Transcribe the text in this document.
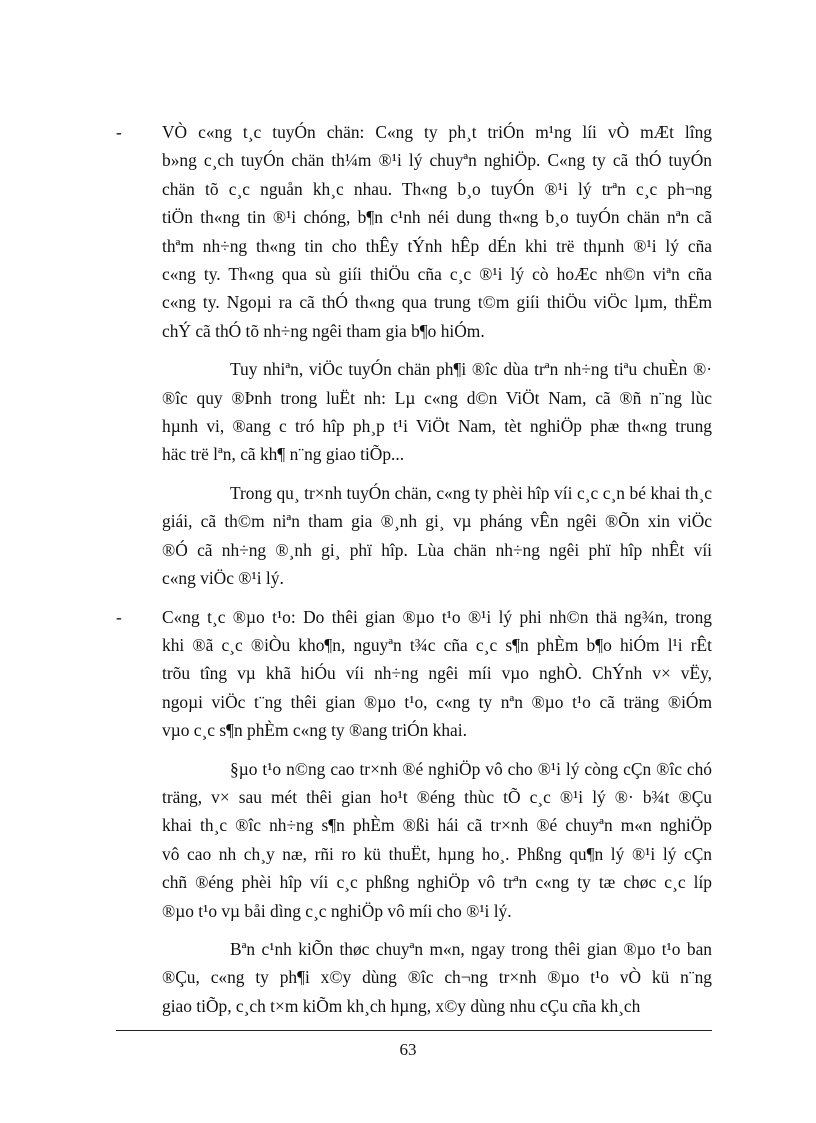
- VÒ c«ng t¸c tuyÓn chän: C«ng ty ph¸t triÓn m¹ng líi vÒ mÆt lîng
b»ng c¸ch tuyÓn chän th¼m ®¹i lý chuyªn nghiÖp. C«ng ty cã thÓ tuyÓn
chän tõ c¸c nguån kh¸c nhau. Th«ng b¸o tuyÓn ®¹i lý trªn c¸c ph¬ng
tiÖn th«ng tin ®¹i chóng, b¶n c¹nh néi dung th«ng b¸o tuyÓn chän nªn cã
thªm nh÷ng th«ng tin cho thÊy tÝnh hÊp dÉn khi trë thµnh ®¹i lý cña
c«ng ty. Th«ng qua sù giíi thiÖu cña c¸c ®¹i lý cò hoÆc nh©n viªn cña
c«ng ty. Ngoµi ra cã thÓ th«ng qua trung t©m giíi thiÖu viÖc lµm, thËm
chÝ cã thÓ tõ nh÷ng ngêi tham gia b¶o hiÓm.
Tuy nhiªn, viÖc tuyÓn chän ph¶i ®îc dùa trªn nh÷ng tiªu chuÈn ®·
®îc quy ®Þnh trong luËt nh: Lµ c«ng d©n ViÖt Nam, cã ®ñ n¨ng lùc
hµnh vi, ®ang c tró hîp ph¸p t¹i ViÖt Nam, tèt nghiÖp phæ th«ng trung
häc trë lªn, cã kh¶ n¨ng giao tiÕp...
Trong qu¸ tr×nh tuyÓn chän, c«ng ty phèi hîp víi c¸c c¸n bé khai th¸c
giái, cã th©m niªn tham gia ®¸nh gi¸ vµ pháng vÊn ngêi ®Õn xin viÖc
®Ó cã nh÷ng ®¸nh gi¸ phï hîp. Lùa chän nh÷ng ngêi phï hîp nhÊt víi
c«ng viÖc ®¹i lý.
- C«ng t¸c ®µo t¹o: Do thêi gian ®µo t¹o ®¹i lý phi nh©n thä ng¾n, trong
khi ®ã c¸c ®iÒu kho¶n, nguyªn t¾c cña c¸c s¶n phÈm b¶o hiÓm l¹i rÊt
trõu tîng vµ khã hiÓu víi nh÷ng ngêi míi vµo nghÒ. ChÝnh v× vËy,
ngoµi viÖc t¨ng thêi gian ®µo t¹o, c«ng ty nªn ®µo t¹o cã träng ®iÓm
vµo c¸c s¶n phÈm c«ng ty ®ang triÓn khai.
§µo t¹o n©ng cao tr×nh ®é nghiÖp vô cho ®¹i lý còng cÇn ®îc chó
träng, v× sau mét thêi gian ho¹t ®éng thùc tÕ c¸c ®¹i lý ®· b¾t ®Çu
khai th¸c ®îc nh÷ng s¶n phÈm ®ßi hái cã tr×nh ®é chuyªn m«n nghiÖp
vô cao nh ch¸y næ, rñi ro kü thuËt, hµng ho¸. Phßng qu¶n lý ®¹i lý cÇn
chñ ®éng phèi hîp víi c¸c phßng nghiÖp vô trªn c«ng ty tæ chøc c¸c líp
®µo t¹o vµ båi dìng c¸c nghiÖp vô míi cho ®¹i lý.
Bªn c¹nh kiÕn thøc chuyªn m«n, ngay trong thêi gian ®µo t¹o ban
®Çu, c«ng ty ph¶i x©y dùng ®îc ch¬ng tr×nh ®µo t¹o vÒ kü n¨ng
giao tiÕp, c¸ch t×m kiÕm kh¸ch hµng, x©y dùng nhu cÇu cña kh¸ch
63
